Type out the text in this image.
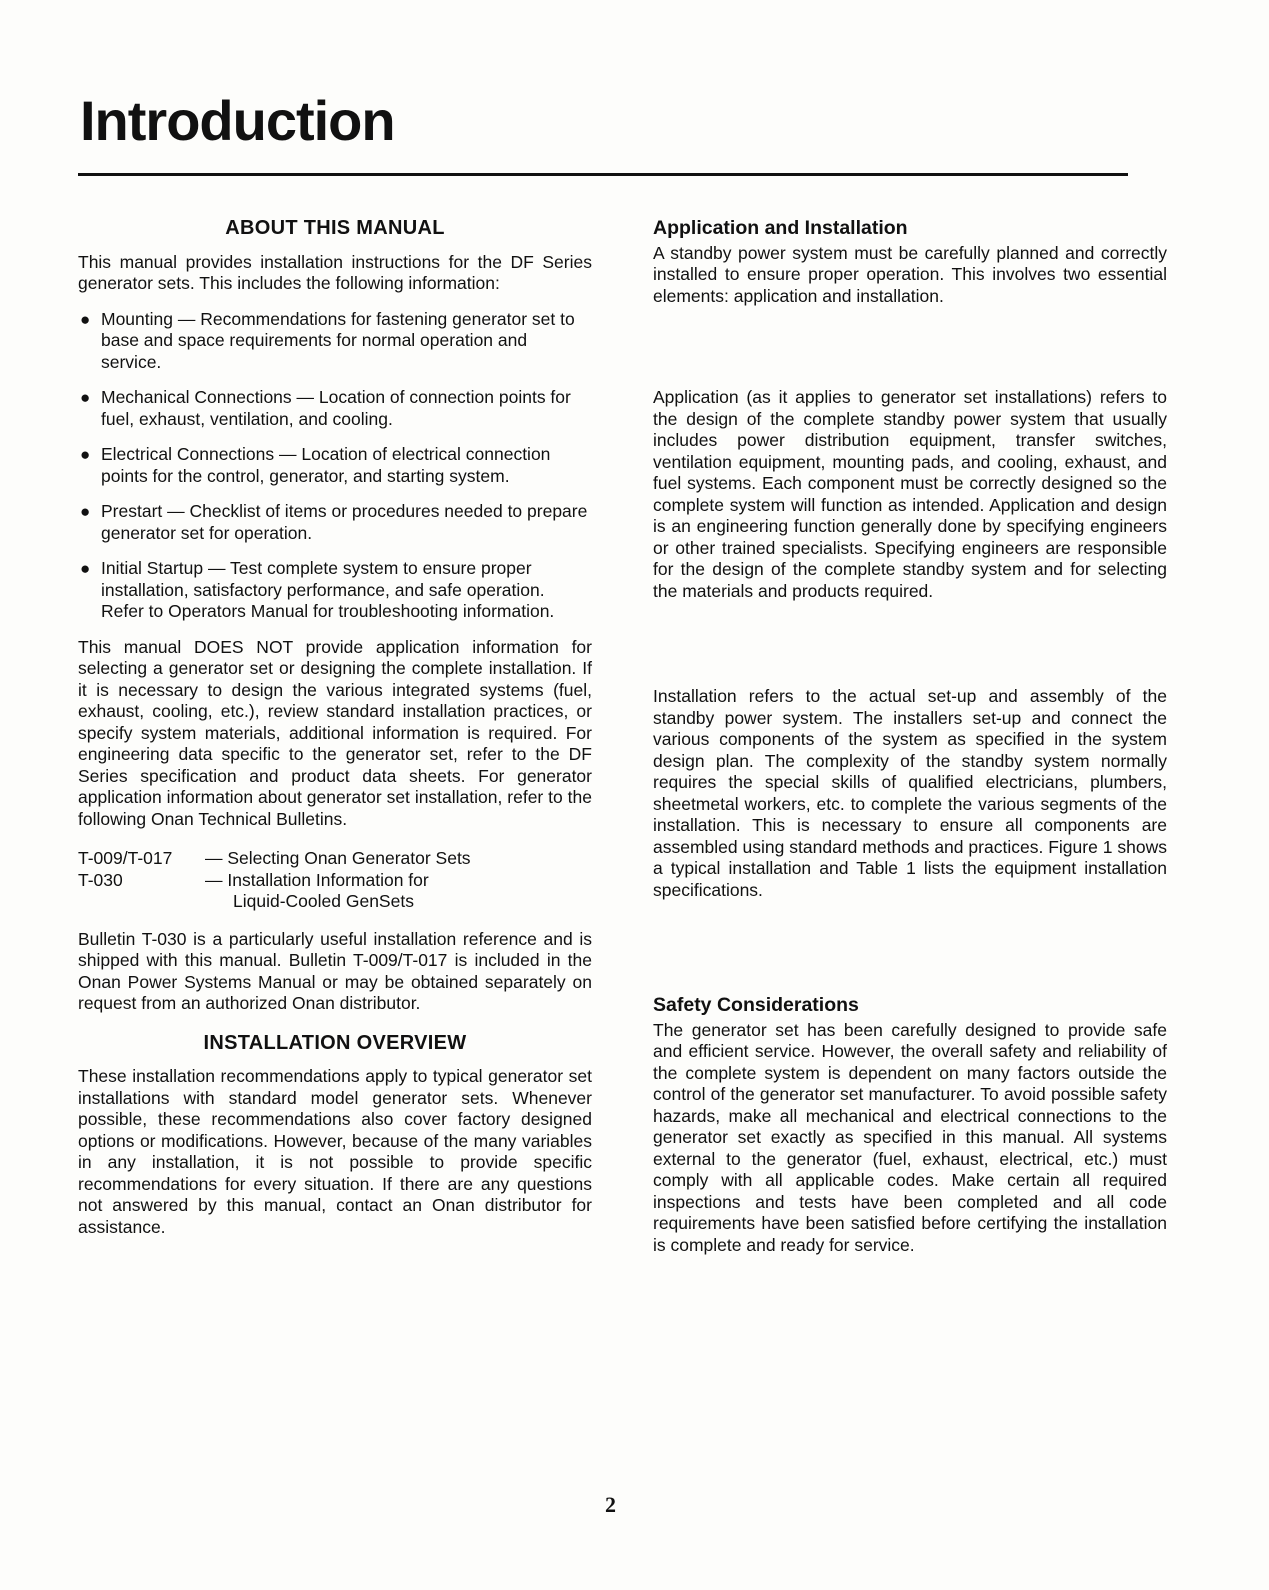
Introduction
ABOUT THIS MANUAL

This manual provides installation instructions for the DF Series generator sets. This includes the following information:

● Mounting — Recommendations for fastening generator set to base and space requirements for normal operation and service.
● Mechanical Connections — Location of connection points for fuel, exhaust, ventilation, and cooling.
● Electrical Connections — Location of electrical connection points for the control, generator, and starting system.
● Prestart — Checklist of items or procedures needed to prepare generator set for operation.
● Initial Startup — Test complete system to ensure proper installation, satisfactory performance, and safe operation. Refer to Operators Manual for troubleshooting information.

This manual DOES NOT provide application information for selecting a generator set or designing the complete installation. If it is necessary to design the various integrated systems (fuel, exhaust, cooling, etc.), review standard installation practices, or specify system materials, additional information is required. For engineering data specific to the generator set, refer to the DF Series specification and product data sheets. For generator application information about generator set installation, refer to the following Onan Technical Bulletins.

T-009/T-017	— Selecting Onan Generator Sets
T-030	— Installation Information for
Liquid-Cooled GenSets

Bulletin T-030 is a particularly useful installation reference and is shipped with this manual. Bulletin T-009/T-017 is included in the Onan Power Systems Manual or may be obtained separately on request from an authorized Onan distributor.

INSTALLATION OVERVIEW

These installation recommendations apply to typical generator set installations with standard model generator sets. Whenever possible, these recommendations also cover factory designed options or modifications. However, because of the many variables in any installation, it is not possible to provide specific recommendations for every situation. If there are any questions not answered by this manual, contact an Onan distributor for assistance.

Application and Installation

A standby power system must be carefully planned and correctly installed to ensure proper operation. This involves two essential elements: application and installation.

Application (as it applies to generator set installations) refers to the design of the complete standby power system that usually includes power distribution equipment, transfer switches, ventilation equipment, mounting pads, and cooling, exhaust, and fuel systems. Each component must be correctly designed so the complete system will function as intended. Application and design is an engineering function generally done by specifying engineers or other trained specialists. Specifying engineers are responsible for the design of the complete standby system and for selecting the materials and products required.

Installation refers to the actual set-up and assembly of the standby power system. The installers set-up and connect the various components of the system as specified in the system design plan. The complexity of the standby system normally requires the special skills of qualified electricians, plumbers, sheetmetal workers, etc. to complete the various segments of the installation. This is necessary to ensure all components are assembled using standard methods and practices. Figure 1 shows a typical installation and Table 1 lists the equipment installation specifications.

Safety Considerations

The generator set has been carefully designed to provide safe and efficient service. However, the overall safety and reliability of the complete system is dependent on many factors outside the control of the generator set manufacturer. To avoid possible safety hazards, make all mechanical and electrical connections to the generator set exactly as specified in this manual. All systems external to the generator (fuel, exhaust, electrical, etc.) must comply with all applicable codes. Make certain all required inspections and tests have been completed and all code requirements have been satisfied before certifying the installation is complete and ready for service.

2
